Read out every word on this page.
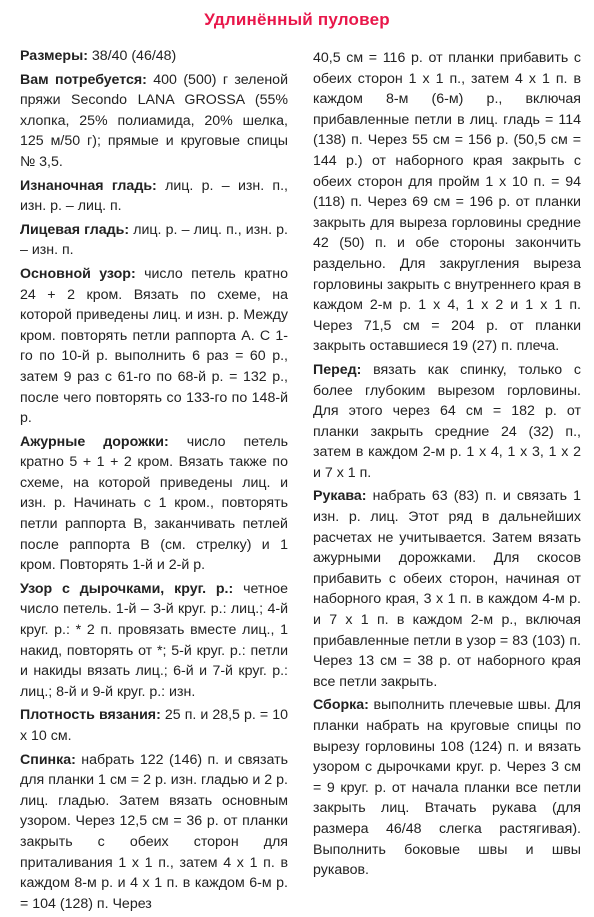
Удлинённый пуловер

Размеры: 38/40 (46/48)

Вам потребуется: 400 (500) г зеленой пряжи Secondo LANA GROSSA (55% хлопка, 25% полиамида, 20% шелка, 125 м/50 г); прямые и круговые спицы № 3,5.

Изнаночная гладь: лиц. р. – изн. п., изн. р. – лиц. п.

Лицевая гладь: лиц. р. – лиц. п., изн. р. – изн. п.

Основной узор: число петель кратно 24 + 2 кром. Вязать по схеме, на которой приведены лиц. и изн. р. Между кром. повторять петли раппорта А. С 1-го по 10-й р. выполнить 6 раз = 60 р., затем 9 раз с 61-го по 68-й р. = 132 р., после чего повторять со 133-го по 148-й р.

Ажурные дорожки: число петель кратно 5 + 1 + 2 кром. Вязать также по схеме, на которой приведены лиц. и изн. р. Начинать с 1 кром., повторять петли раппорта В, заканчивать петлей после раппорта В (см. стрелку) и 1 кром. Повторять 1-й и 2-й р.

Узор с дырочками, круг. р.: четное число петель. 1-й – 3-й круг. р.: лиц.; 4-й круг. р.: * 2 п. провязать вместе лиц., 1 накид, повторять от *; 5-й круг. р.: петли и накиды вязать лиц.; 6-й и 7-й круг. р.: лиц.; 8-й и 9-й круг. р.: изн.

Плотность вязания: 25 п. и 28,5 р. = 10 х 10 см.

Спинка: набрать 122 (146) п. и связать для планки 1 см = 2 р. изн. гладью и 2 р. лиц. гладью. Затем вязать основным узором. Через 12,5 см = 36 р. от планки закрыть с обеих сторон для приталивания 1 х 1 п., затем 4 х 1 п. в каждом 8-м р. и 4 х 1 п. в каждом 6-м р. = 104 (128) п. Через

40,5 см = 116 р. от планки прибавить с обеих сторон 1 х 1 п., затем 4 х 1 п. в каждом 8-м (6-м) р., включая прибавленные петли в лиц. гладь = 114 (138) п. Через 55 см = 156 р. (50,5 см = 144 р.) от наборного края закрыть с обеих сторон для пройм 1 х 10 п. = 94 (118) п. Через 69 см = 196 р. от планки закрыть для выреза горловины средние 42 (50) п. и обе стороны закончить раздельно. Для закругления выреза горловины закрыть с внутреннего края в каждом 2-м р. 1 х 4, 1 х 2 и 1 х 1 п. Через 71,5 см = 204 р. от планки закрыть оставшиеся 19 (27) п. плеча.

Перед: вязать как спинку, только с более глубоким вырезом горловины. Для этого через 64 см = 182 р. от планки закрыть средние 24 (32) п., затем в каждом 2-м р. 1 х 4, 1 х 3, 1 х 2 и 7 х 1 п.

Рукава: набрать 63 (83) п. и связать 1 изн. р. лиц. Этот ряд в дальнейших расчетах не учитывается. Затем вязать ажурными дорожками. Для скосов прибавить с обеих сторон, начиная от наборного края, 3 х 1 п. в каждом 4-м р. и 7 х 1 п. в каждом 2-м р., включая прибавленные петли в узор = 83 (103) п. Через 13 см = 38 р. от наборного края все петли закрыть.

Сборка: выполнить плечевые швы. Для планки набрать на круговые спицы по вырезу горловины 108 (124) п. и вязать узором с дырочками круг. р. Через 3 см = 9 круг. р. от начала планки все петли закрыть лиц. Втачать рукава (для размера 46/48 слегка растягивая). Выполнить боковые швы и швы рукавов.
